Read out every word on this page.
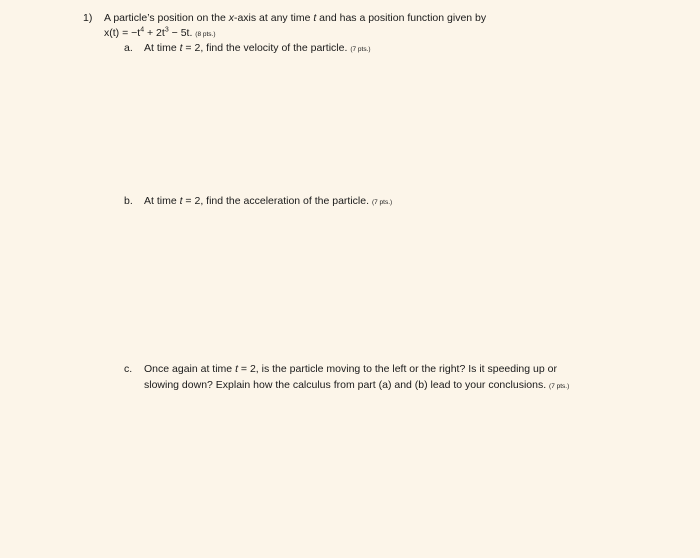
1) A particle’s position on the x-axis at any time t and has a position function given by
$x(t) = -t^4 + 2t^3 - 5t$. (8 pts.)
a. At time t = 2, find the velocity of the particle. (7 pts.)
b. At time t = 2, find the acceleration of the particle. (7 pts.)
c. Once again at time t = 2, is the particle moving to the left or the right? Is it speeding up or
slowing down? Explain how the calculus from part (a) and (b) lead to your conclusions. (7 pts.)
